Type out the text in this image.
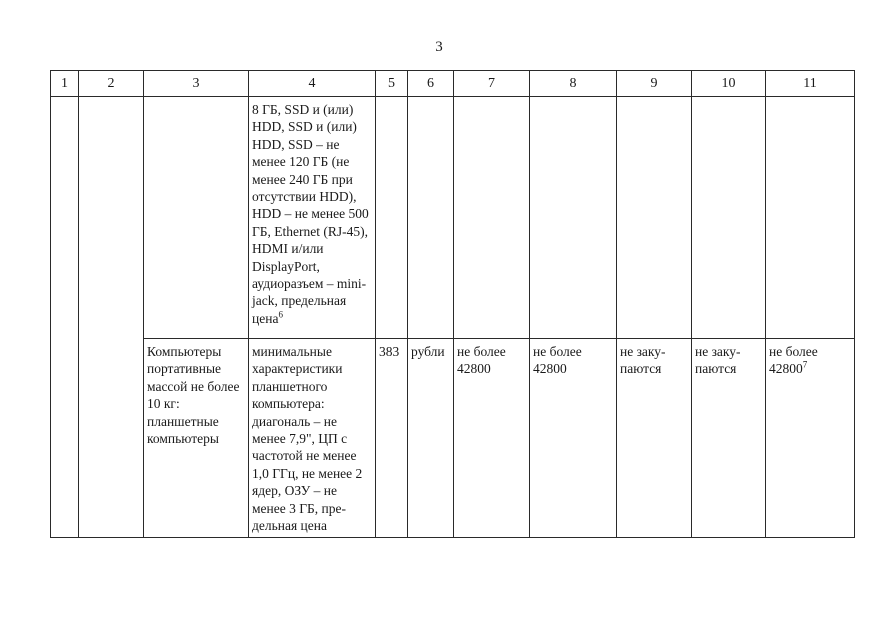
3
1	2	3	4	5	6	7	8	9	10	11
			8 ГБ, SSD и (или) HDD, SSD и (или) HDD, SSD – не менее 120 ГБ (не менее 240 ГБ при отсутствии HDD), HDD – не менее 500 ГБ, Ethernet (RJ-45), HDMI и/или DisplayPort, аудиоразъем – mini-jack, предельная цена$^6$							
		Компьютеры портативные массой не более 10 кг: планшетные компьютеры	минимальные характеристики планшетного компьютера: диагональ – не менее 7,9", ЦП с частотой не менее 1,0 ГГц, не менее 2 ядер, ОЗУ – не менее 3 ГБ, пре-дельная цена	383	рубли	не более 42800	не более 42800	не заку-паются	не заку-паются	не более 42800$^7$
